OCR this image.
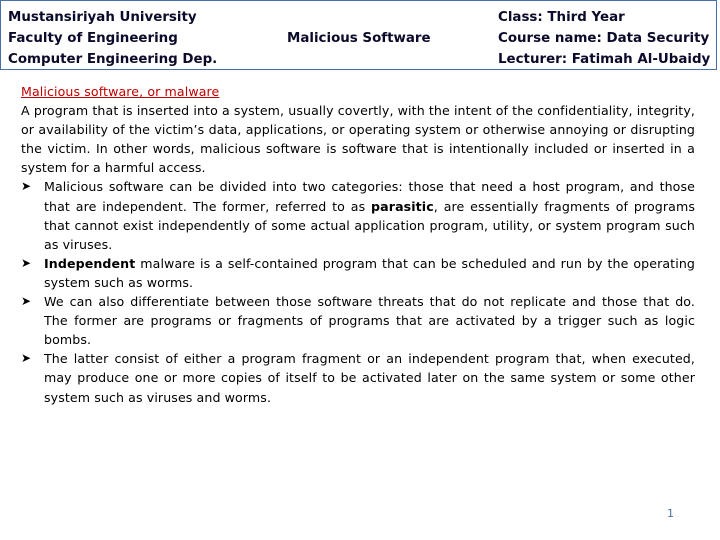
Mustansiriyah University
Faculty of Engineering
Computer Engineering Dep.
Malicious Software
Class: Third Year
Course name: Data Security
Lecturer: Fatimah Al-Ubaidy
Malicious software, or malware

A program that is inserted into a system, usually covertly, with the intent of the confidentiality, integrity, or availability of the victim’s data, applications, or operating system or otherwise annoying or disrupting the victim. In other words, malicious software is software that is intentionally included or inserted in a system for a harmful access.

➤ Malicious software can be divided into two categories: those that need a host program, and those that are independent. The former, referred to as parasitic, are essentially fragments of programs that cannot exist independently of some actual application program, utility, or system program such as viruses.
➤ Independent malware is a self-contained program that can be scheduled and run by the operating system such as worms.
➤ We can also differentiate between those software threats that do not replicate and those that do. The former are programs or fragments of programs that are activated by a trigger such as logic bombs.
➤ The latter consist of either a program fragment or an independent program that, when executed, may produce one or more copies of itself to be activated later on the same system or some other system such as viruses and worms.
1
